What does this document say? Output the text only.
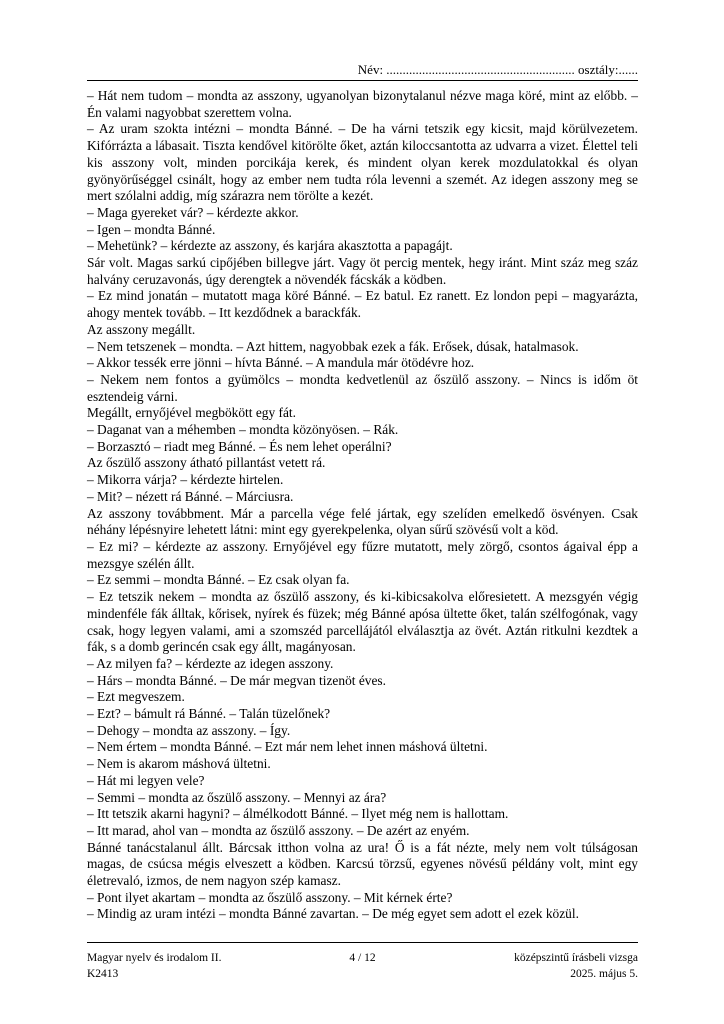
Név: .......................................................... osztály:......

– Hát nem tudom – mondta az asszony, ugyanolyan bizonytalanul nézve maga köré, mint az előbb. – Én valami nagyobbat szerettem volna.

– Az uram szokta intézni – mondta Bánné. – De ha várni tetszik egy kicsit, majd körülvezetem. Kifórrázta a lábasait. Tiszta kendővel kitörölte őket, aztán kiloccsantotta az udvarra a vizet. Élettel teli kis asszony volt, minden porcikája kerek, és mindent olyan kerek mozdulatokkal és olyan gyönyörűséggel csinált, hogy az ember nem tudta róla levenni a szemét. Az idegen asszony meg se mert szólalni addig, míg szárazra nem törölte a kezét.

– Maga gyereket vár? – kérdezte akkor.

– Igen – mondta Bánné.

– Mehetünk? – kérdezte az asszony, és karjára akasztotta a papagájt.

Sár volt. Magas sarkú cipőjében billegve járt. Vagy öt percig mentek, hegy iránt. Mint száz meg száz halvány ceruzavonás, úgy derengtek a növendék fácskák a ködben.

– Ez mind jonatán – mutatott maga köré Bánné. – Ez batul. Ez ranett. Ez london pepi – magyarázta, ahogy mentek tovább. – Itt kezdődnek a barackfák.

Az asszony megállt.

– Nem tetszenek – mondta. – Azt hittem, nagyobbak ezek a fák. Erősek, dúsak, hatalmasok.

– Akkor tessék erre jönni – hívta Bánné. – A mandula már ötödévre hoz.

– Nekem nem fontos a gyümölcs – mondta kedvetlenül az őszülő asszony. – Nincs is időm öt esztendeig várni.

Megállt, ernyőjével megbökött egy fát.

– Daganat van a méhemben – mondta közönyösen. – Rák.

– Borzasztó – riadt meg Bánné. – És nem lehet operálni?

Az őszülő asszony átható pillantást vetett rá.

– Mikorra várja? – kérdezte hirtelen.

– Mit? – nézett rá Bánné. – Márciusra.

Az asszony továbbment. Már a parcella vége felé jártak, egy szelíden emelkedő ösvényen. Csak néhány lépésnyire lehetett látni: mint egy gyerekpelenka, olyan sűrű szövésű volt a köd.

– Ez mi? – kérdezte az asszony. Ernyőjével egy fűzre mutatott, mely zörgő, csontos ágaival épp a mezsgye szélén állt.

– Ez semmi – mondta Bánné. – Ez csak olyan fa.

– Ez tetszik nekem – mondta az őszülő asszony, és ki-kibicsakolva előresietett. A mezsgyén végig mindenféle fák álltak, kőrisek, nyírek és füzek; még Bánné apósa ültette őket, talán szélfogónak, vagy csak, hogy legyen valami, ami a szomszéd parcellájától elválasztja az övét. Aztán ritkulni kezdtek a fák, s a domb gerincén csak egy állt, magányosan.

– Az milyen fa? – kérdezte az idegen asszony.

– Hárs – mondta Bánné. – De már megvan tizenöt éves.

– Ezt megveszem.

– Ezt? – bámult rá Bánné. – Talán tüzelőnek?

– Dehogy – mondta az asszony. – Így.

– Nem értem – mondta Bánné. – Ezt már nem lehet innen máshová ültetni.

– Nem is akarom máshová ültetni.

– Hát mi legyen vele?

– Semmi – mondta az őszülő asszony. – Mennyi az ára?

– Itt tetszik akarni hagyni? – álmélkodott Bánné. – Ilyet még nem is hallottam.

– Itt marad, ahol van – mondta az őszülő asszony. – De azért az enyém.

Bánné tanácstalanul állt. Bárcsak itthon volna az ura! Ő is a fát nézte, mely nem volt túlságosan magas, de csúcsa mégis elveszett a ködben. Karcsú törzsű, egyenes növésű példány volt, mint egy életrevaló, izmos, de nem nagyon szép kamasz.

– Pont ilyet akartam – mondta az őszülő asszony. – Mit kérnek érte?

– Mindig az uram intézi – mondta Bánné zavartan. – De még egyet sem adott el ezek közül.

Magyar nyelv és irodalom II.
K2413
4 / 12	középszintű írásbeli vizsga
2025. május 5.
